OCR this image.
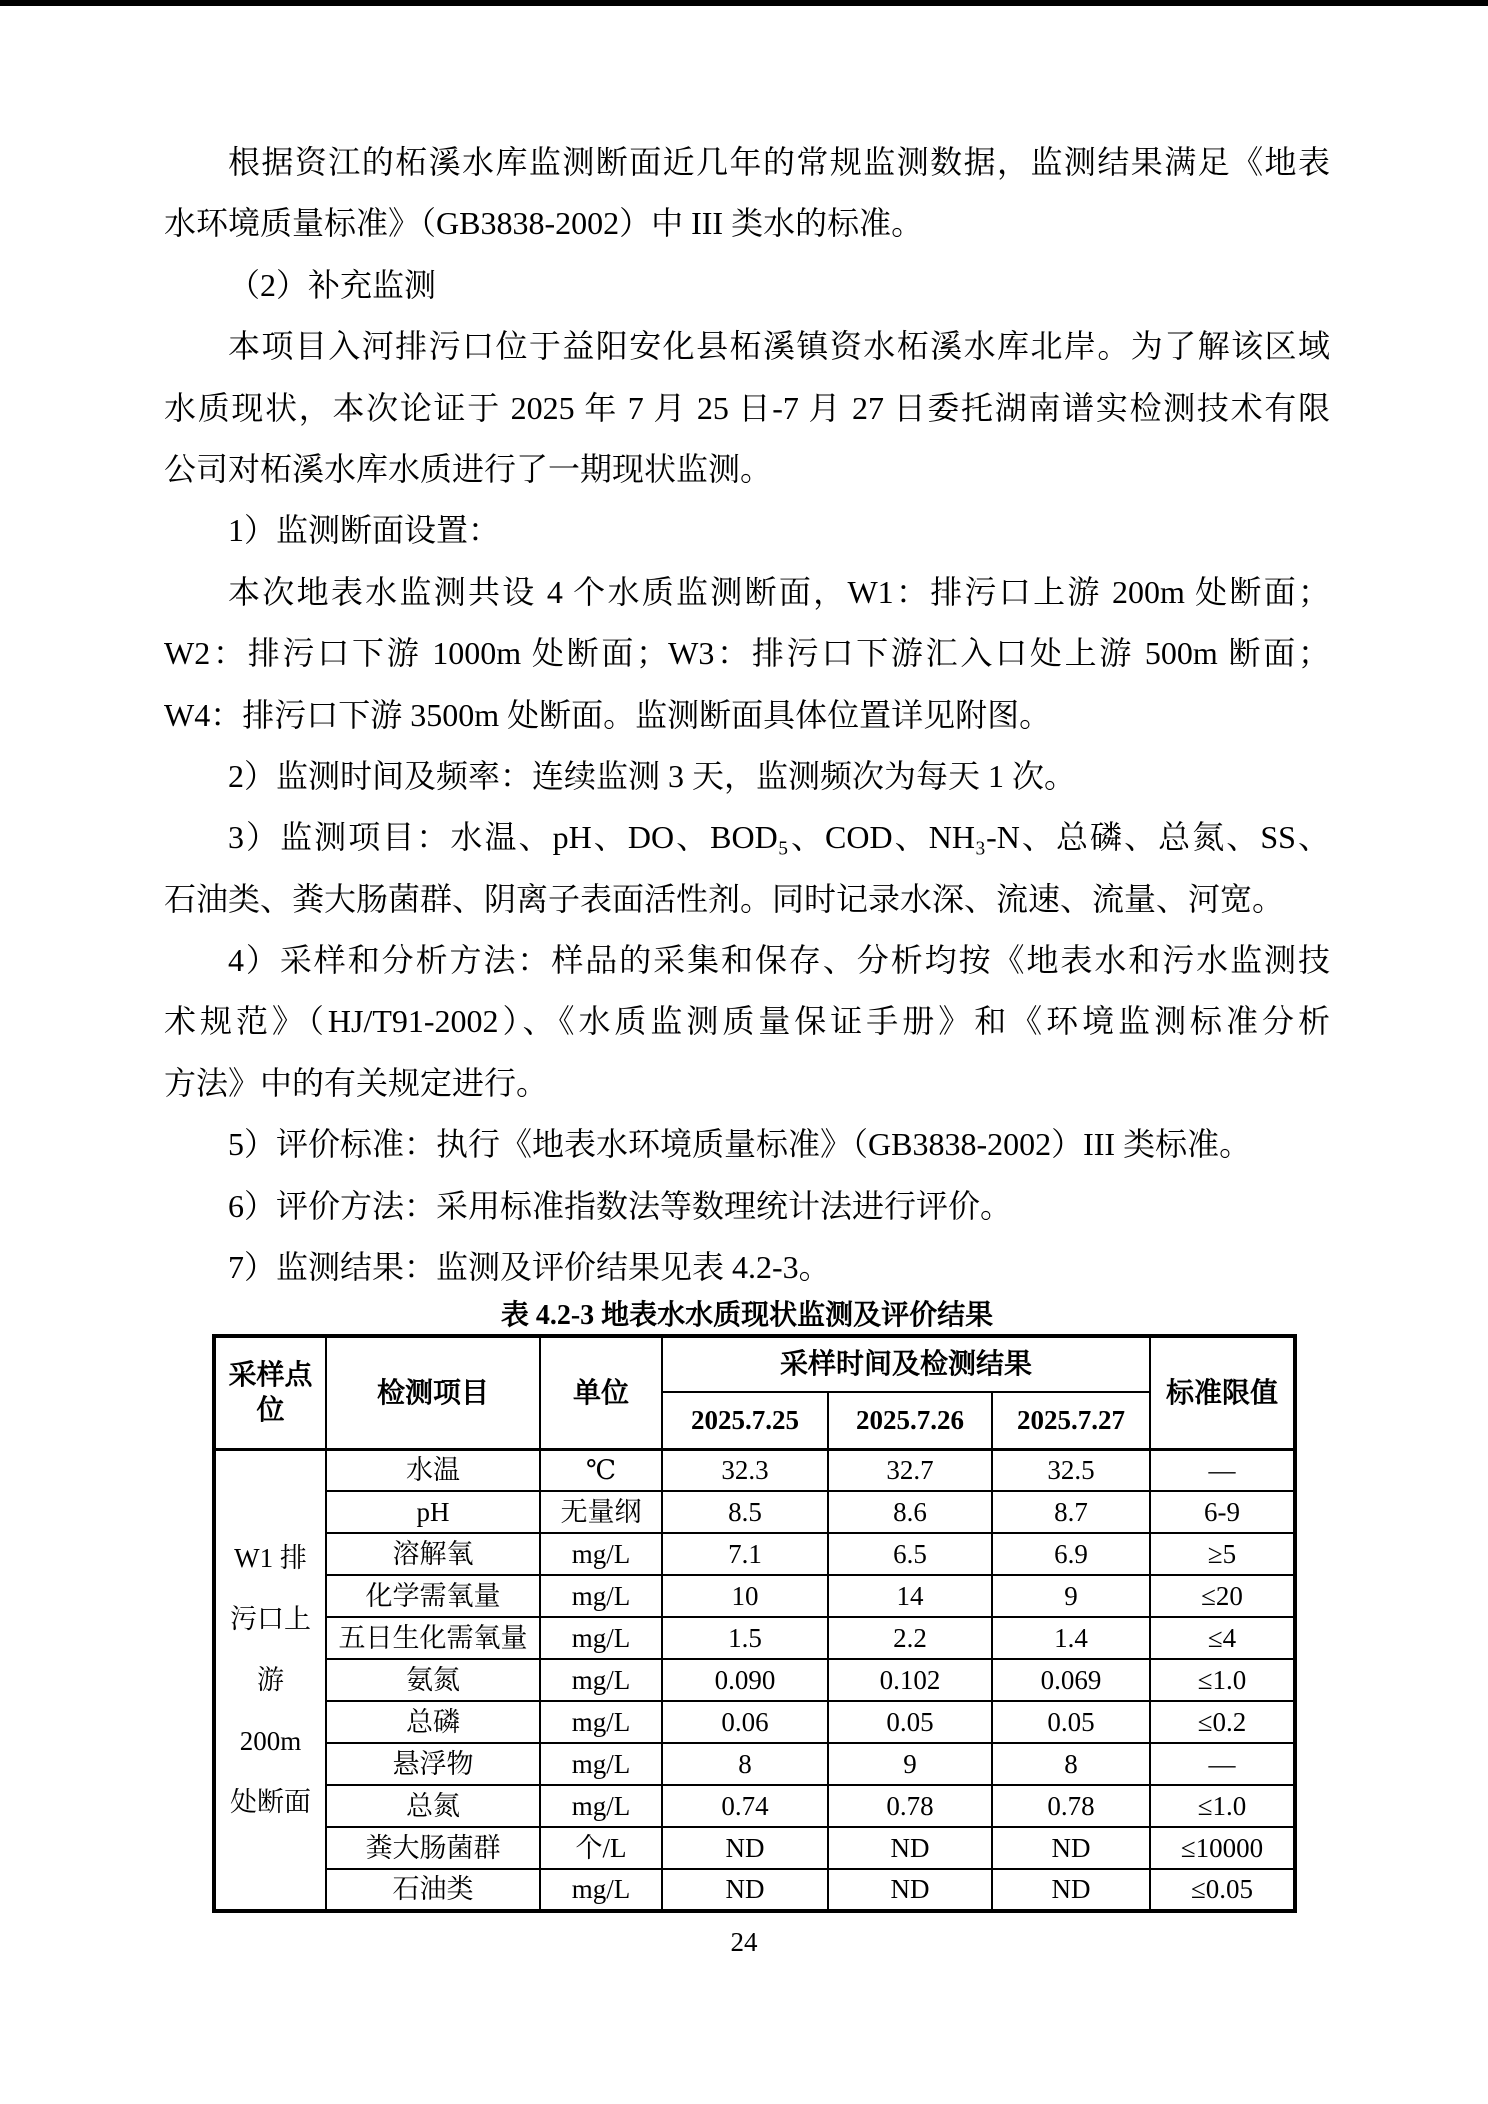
根据资江的柘溪水库监测断面近几年的常规监测数据，监测结果满足《地表
水环境质量标准》（GB3838-2002）中 III 类水的标准。
（2）补充监测
本项目入河排污口位于益阳安化县柘溪镇资水柘溪水库北岸。为了解该区域
水质现状，本次论证于 2025 年 7 月 25 日-7 月 27 日委托湖南谱实检测技术有限
公司对柘溪水库水质进行了一期现状监测。
1）监测断面设置：
本次地表水监测共设 4 个水质监测断面，W1：排污口上游 200m 处断面；
W2：排污口下游 1000m 处断面；W3：排污口下游汇入口处上游 500m 断面；
W4：排污口下游 3500m 处断面。监测断面具体位置详见附图。
2）监测时间及频率：连续监测 3 天，监测频次为每天 1 次。
3）监测项目：水温、pH、DO、BOD₅、COD、NH₃-N、总磷、总氮、SS、
石油类、粪大肠菌群、阴离子表面活性剂。同时记录水深、流速、流量、河宽。
4）采样和分析方法：样品的采集和保存、分析均按《地表水和污水监测技
术规范》（HJ/T91-2002）、《水质监测质量保证手册》和《环境监测标准分析
方法》中的有关规定进行。
5）评价标准：执行《地表水环境质量标准》（GB3838-2002）III 类标准。
6）评价方法：采用标准指数法等数理统计法进行评价。
7）监测结果：监测及评价结果见表 4.2-3。
表 4.2-3 地表水水质现状监测及评价结果
采样点位	检测项目	单位	采样时间及检测结果			标准限值
			2025.7.25	2025.7.26	2025.7.27	

W1 排
污口上
游
200m
处断面	水温	℃	32.3	32.7	32.5	—
	pH	无量纲	8.5	8.6	8.7	6-9
	溶解氧	mg/L	7.1	6.5	6.9	≥5
	化学需氧量	mg/L	10	14	9	≤20
	五日生化需氧量	mg/L	1.5	2.2	1.4	≤4
	氨氮	mg/L	0.090	0.102	0.069	≤1.0
	总磷	mg/L	0.06	0.05	0.05	≤0.2
	悬浮物	mg/L	8	9	8	—
	总氮	mg/L	0.74	0.78	0.78	≤1.0
	粪大肠菌群	个/L	ND	ND	ND	≤10000
	石油类	mg/L	ND	ND	ND	≤0.05
24
